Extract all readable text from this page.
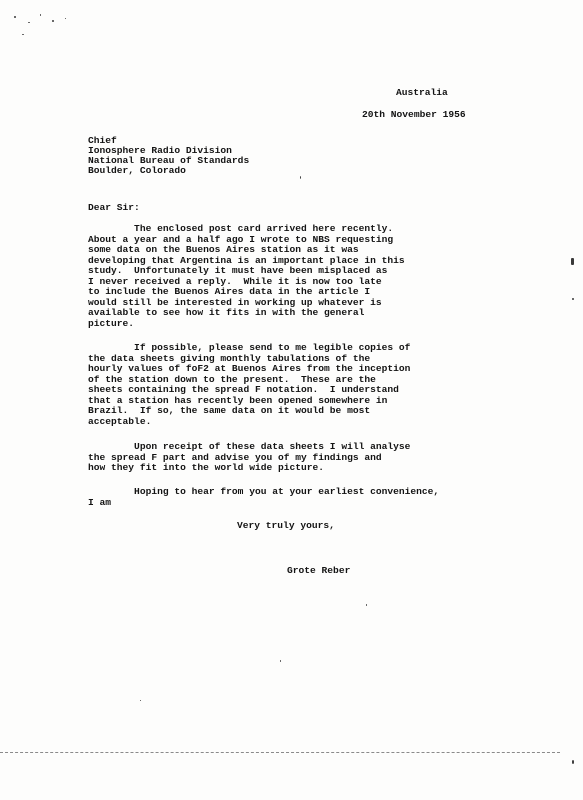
Australia
20th November 1956
Chief
Ionosphere Radio Division
National Bureau of Standards
Boulder, Colorado
Dear Sir:
The enclosed post card arrived here recently.
About a year and a half ago I wrote to NBS requesting
some data on the Buenos Aires station as it was
developing that Argentina is an important place in this
study.  Unfortunately it must have been misplaced as
I never received a reply.  While it is now too late
to include the Buenos Aires data in the article I
would still be interested in working up whatever is
available to see how it fits in with the general
picture.
If possible, please send to me legible copies of
the data sheets giving monthly tabulations of the
hourly values of foF2 at Buenos Aires from the inception
of the station down to the present.  These are the
sheets containing the spread F notation.  I understand
that a station has recently been opened somewhere in
Brazil.  If so, the same data on it would be most
acceptable.
Upon receipt of these data sheets I will analyse
the spread F part and advise you of my findings and
how they fit into the world wide picture.
Hoping to hear from you at your earliest convenience,
I am
Very truly yours,
Grote Reber
